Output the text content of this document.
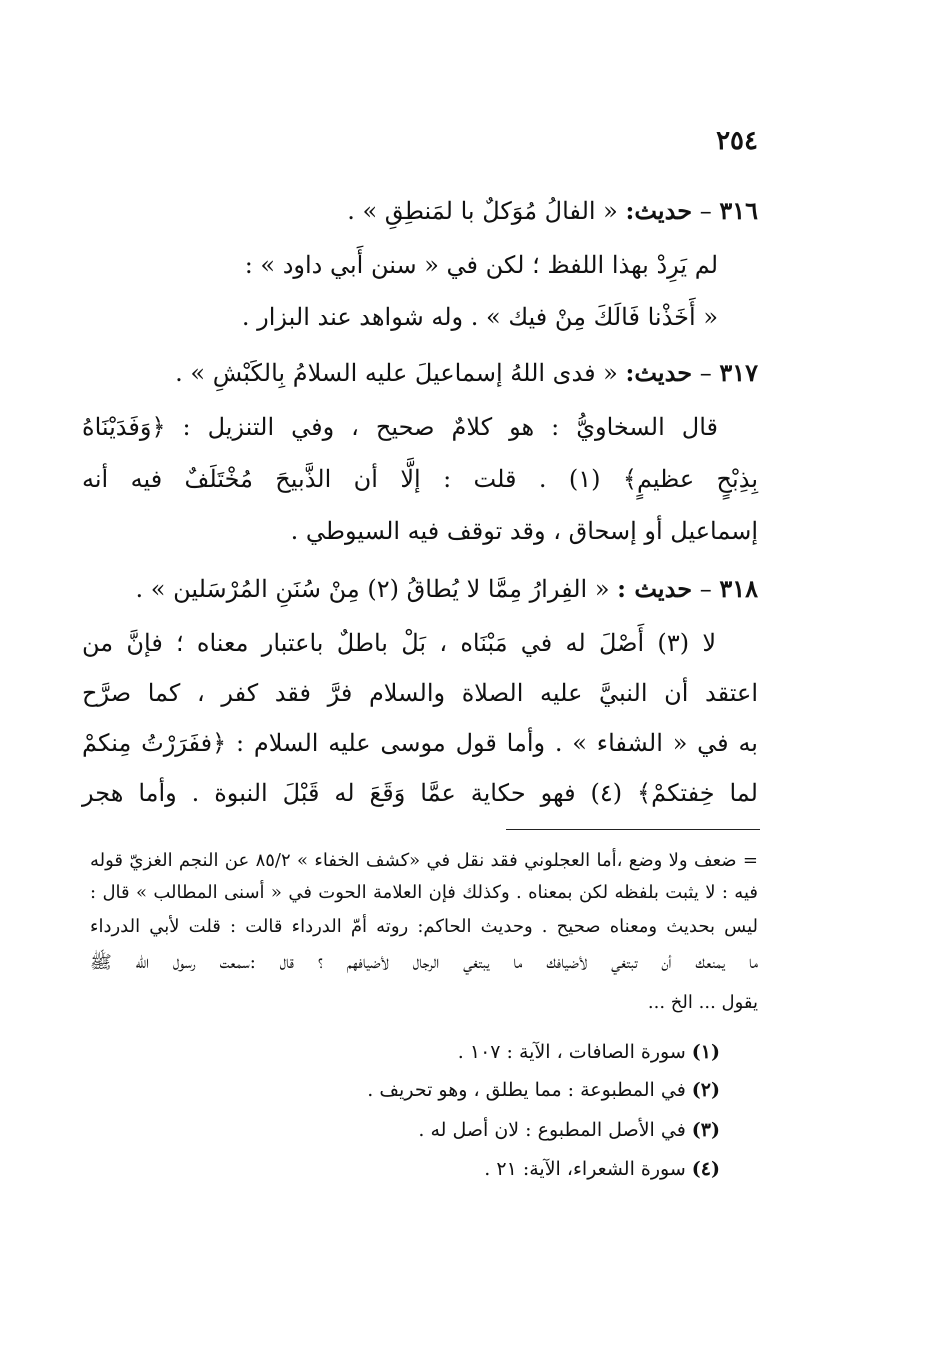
٢٥٤
٣١٦ – حديث: « الفالُ مُوَكلٌ با لمَنطِقِ » .
لم يَرِدْ بهذا اللفظ ؛ لكن في « سنن أَبي داود » :
« أَخَذْنا فَالَكَ مِنْ فيك » . وله شواهد عند البزار .
٣١٧ – حديث: « فدى اللهُ إسماعيلَ عليه السلامُ بِالكَبْشِ » .
قال السخاويُّ : هو كلامٌ صحيح ، وفي التنزيل : ﴿وَفَدَيْنَاهُ
بِذِبْحٍ عظيمٍ﴾ (١) . قلت : إلَّا أن الذَّبيحَ مُخْتَلَفٌ فيه أنه
إسماعيل أو إسحاق ، وقد توقف فيه السيوطي .
٣١٨ – حديث : « الفِرارُ مِمَّا لا يُطاقُ (٢) مِنْ سُنَنِ المُرْسَلين » .
لا (٣) أَصْلَ له في مَبْنَاه ، بَلْ باطلٌ باعتبار معناه ؛ فإنَّ من
اعتقد أن النبيَّ عليه الصلاة والسلام فرَّ فقد كفر ، كما صرَّح
به في « الشفاء » . وأما قول موسى عليه السلام : ﴿ففَرَرْتُ مِنكمْ
لما خِفتكمْ﴾ (٤) فهو حكاية عمَّا وَقَعَ له قَبْلَ النبوة . وأما هجر
= ضعف ولا وضع ،أما العجلوني فقد نقل في «كشف الخفاء » ٨٥/٢ عن النجم الغزيّ قوله
فيه : لا يثبت بلفظه لكن بمعناه . وكذلك فإن العلامة الحوت في « أسنى المطالب » قال :
ليس بحديث ومعناه صحيح . وحديث الحاكم: روته أمّ الدرداء قالت : قلت لأبي الدرداء
ما يمنعك أن تبتغي لأضيافك ما يبتغي الرجال لأضيافهم ؟ قال :سمعت رسول الله ﷺ
يقول ... الخ ...
(١)سورة الصافات ، الآية : ١٠٧ .
(٢)في المطبوعة : مما يطلق ، وهو تحريف .
(٣)في الأصل المطبوع : لان أصل له .
(٤)سورة الشعراء، الآية: ٢١ .
